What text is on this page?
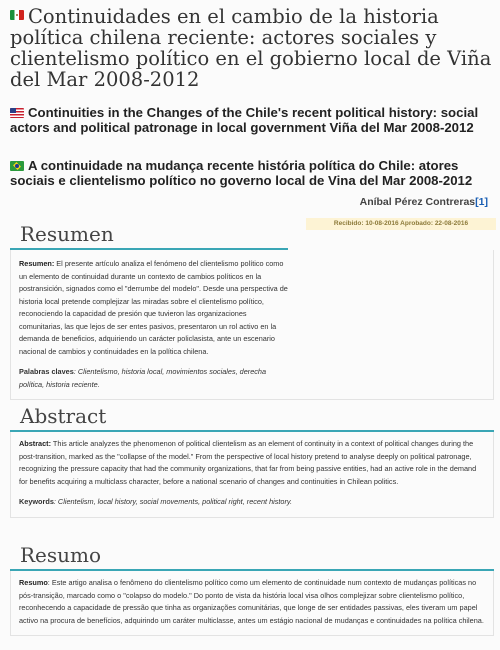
Continuidades en el cambio de la historia política chilena reciente: actores sociales y clientelismo político en el gobierno local de Viña del Mar 2008-2012
Continuities in the Changes of the Chile's recent political history: social actors and political patronage in local government Viña del Mar 2008-2012
A continuidade na mudança recente história política do Chile: atores sociais e clientelismo político no governo local de Vina del Mar 2008-2012
Aníbal Pérez Contreras[1]
Recibido: 10-08-2016 Aprobado: 22-08-2016
Resumen

Resumen: El presente artículo analiza el fenómeno del clientelismo político como un elemento de continuidad durante un contexto de cambios políticos en la postransición, signados como el "derrumbe del modelo". Desde una perspectiva de historia local pretende complejizar las miradas sobre el clientelismo político, reconociendo la capacidad de presión que tuvieron las organizaciones comunitarias, las que lejos de ser entes pasivos, presentaron un rol activo en la demanda de beneficios, adquiriendo un carácter policlasista, ante un escenario nacional de cambios y continuidades en la política chilena.

Palabras claves: Clientelismo, historia local, movimientos sociales, derecha política, historia reciente.

Abstract

Abstract: This article analyzes the phenomenon of political clientelism as an element of continuity in a context of political changes during the post-transition, marked as the "collapse of the model." From the perspective of local history pretend to analyse deeply on political patronage, recognizing the pressure capacity that had the community organizations, that far from being passive entities, had an active role in the demand for benefits acquiring a multiclass character, before a national scenario of changes and continuities in Chilean politics.

Keywords: Clientelism, local history, social movements, political right, recent history.

Resumo

Resumo: Este artigo analisa o fenômeno do clientelismo político como um elemento de continuidade num contexto de mudanças políticas no pós-transição, marcado como o "colapso do modelo." Do ponto de vista da história local visa olhos complejizar sobre clientelismo político, reconhecendo a capacidade de pressão que tinha as organizações comunitárias, que longe de ser entidades passivas, eles tiveram um papel activo na procura de benefícios, adquirindo um caráter multiclasse, antes um estágio nacional de mudanças e continuidades na política chilena.
